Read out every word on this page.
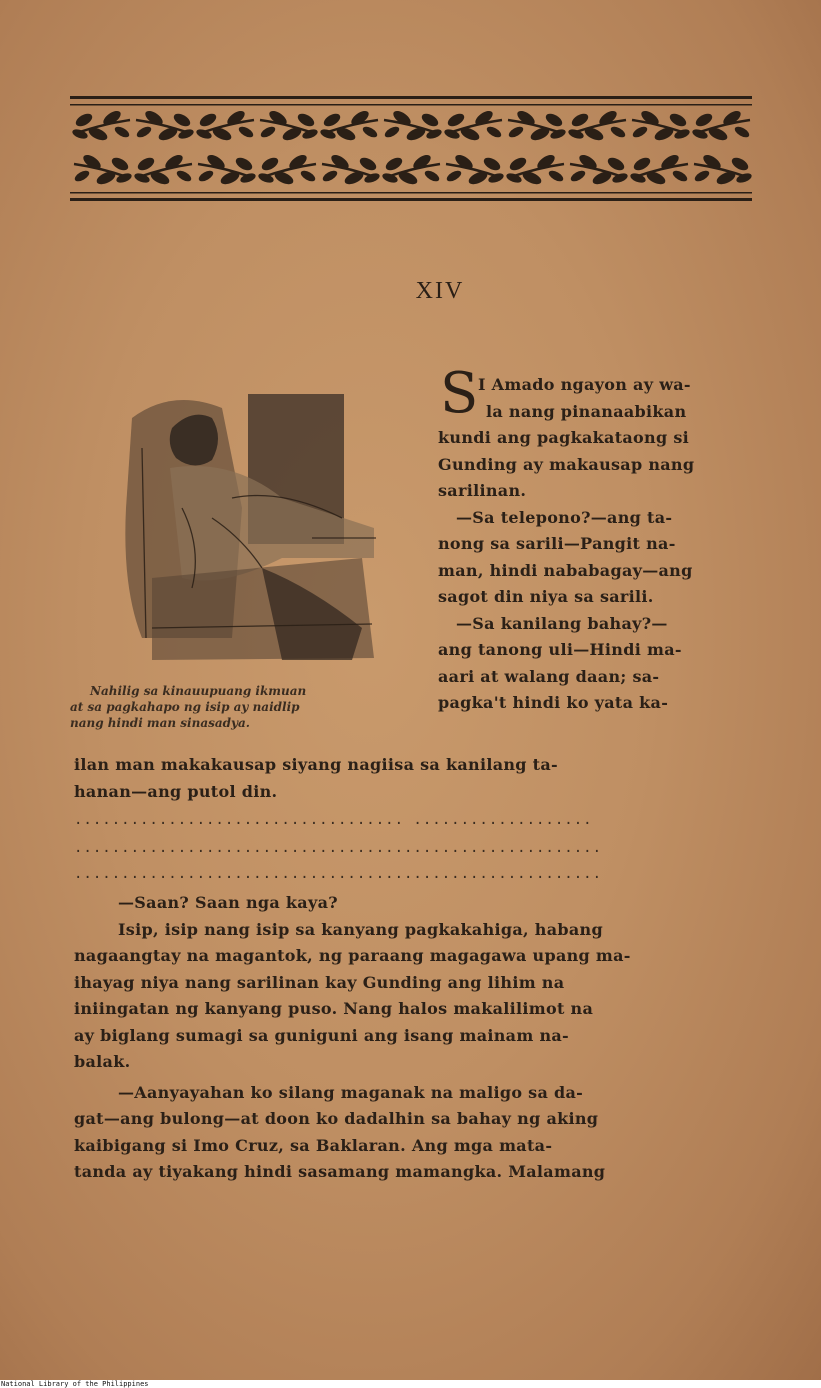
XIV
Nahilig sa kinauupuang ikmuan
at sa pagkahapo ng isip ay naidlip
nang hindi man sinasadya.
S I Amado ngayon ay wa-
la nang pinanaabikan
kundi ang pagkakataong si
Gunding ay makausap nang
sarilinan.
—Sa telepono?—ang ta-
nong sa sarili—Pangit na-
man, hindi nababagay—ang
sagot din niya sa sarili.
—Sa kanilang bahay?—
ang tanong uli—Hindi ma-
aari at walang daan; sa-
pagka't hindi ko yata ka-
ilan man makakausap siyang nagiisa sa kanilang ta-
hanan—ang putol din.
................................... ...................
........................................................
........................................................
—Saan? Saan nga kaya?
Isip, isip nang isip sa kanyang pagkakahiga, habang
nagaangtay na magantok, ng paraang magagawa upang ma-
ihayag niya nang sarilinan kay Gunding ang lihim na
iniingatan ng kanyang puso. Nang halos makalilimot na
ay biglang sumagi sa guniguni ang isang mainam na-
balak.
—Aanyayahan ko silang maganak na maligo sa da-
gat—ang bulong—at doon ko dadalhin sa bahay ng aking
kaibigang si Imo Cruz, sa Baklaran. Ang mga mata-
tanda ay tiyakang hindi sasamang mamangka. Malamang
National Library of the Philippines
